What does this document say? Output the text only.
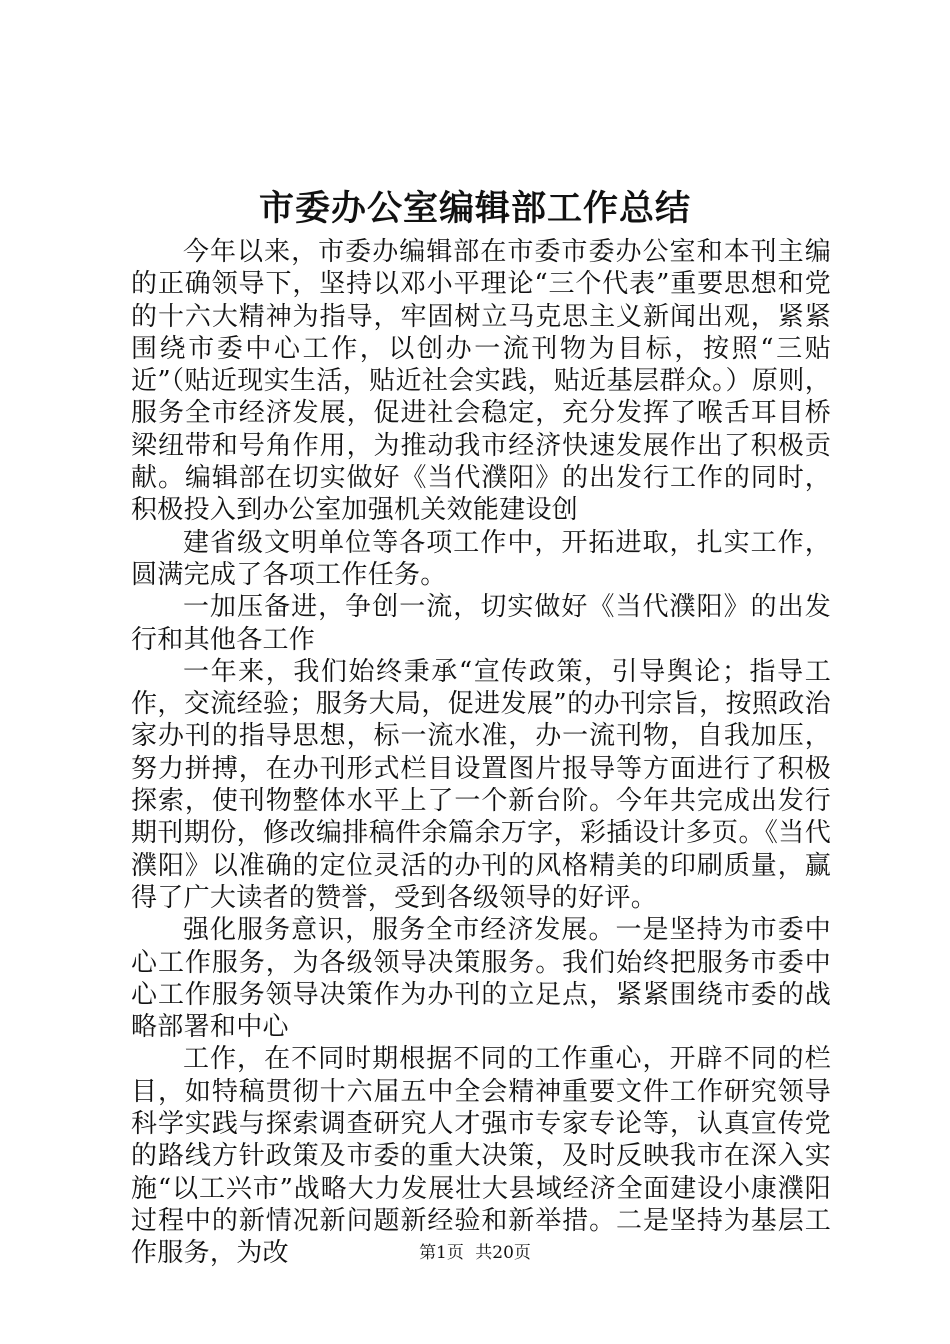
市委办公室编辑部工作总结

今年以来，市委办编辑部在市委市委办公室和本刊主编的正确领导下，坚持以邓小平理论“三个代表”重要思想和党的十六大精神为指导，牢固树立马克思主义新闻出观，紧紧围绕市委中心工作，以创办一流刊物为目标，按照“三贴近”（贴近现实生活，贴近社会实践，贴近基层群众。）原则，服务全市经济发展，促进社会稳定，充分发挥了喉舌耳目桥梁纽带和号角作用，为推动我市经济快速发展作出了积极贡献。编辑部在切实做好《当代濮阳》的出发行工作的同时，积极投入到办公室加强机关效能建设创

建省级文明单位等各项工作中，开拓进取，扎实工作，圆满完成了各项工作任务。

一加压备进，争创一流，切实做好《当代濮阳》的出发行和其他各工作

一年来，我们始终秉承“宣传政策，引导舆论；指导工作，交流经验；服务大局，促进发展”的办刊宗旨，按照政治家办刊的指导思想，标一流水准，办一流刊物，自我加压，努力拼搏，在办刊形式栏目设置图片报导等方面进行了积极探索，使刊物整体水平上了一个新台阶。今年共完成出发行期刊期份，修改编排稿件余篇余万字，彩插设计多页。《当代濮阳》以准确的定位灵活的办刊的风格精美的印刷质量，赢得了广大读者的赞誉，受到各级领导的好评。

强化服务意识，服务全市经济发展。一是坚持为市委中心工作服务，为各级领导决策服务。我们始终把服务市委中心工作服务领导决策作为办刊的立足点，紧紧围绕市委的战略部署和中心

工作，在不同时期根据不同的工作重心，开辟不同的栏目，如特稿贯彻十六届五中全会精神重要文件工作研究领导科学实践与探索调查研究人才强市专家专论等，认真宣传党的路线方针政策及市委的重大决策，及时反映我市在深入实施“以工兴市”战略大力发展壮大县域经济全面建设小康濮阳过程中的新情况新问题新经验和新举措。二是坚持为基层工作服务，为改	第1页 共20页
